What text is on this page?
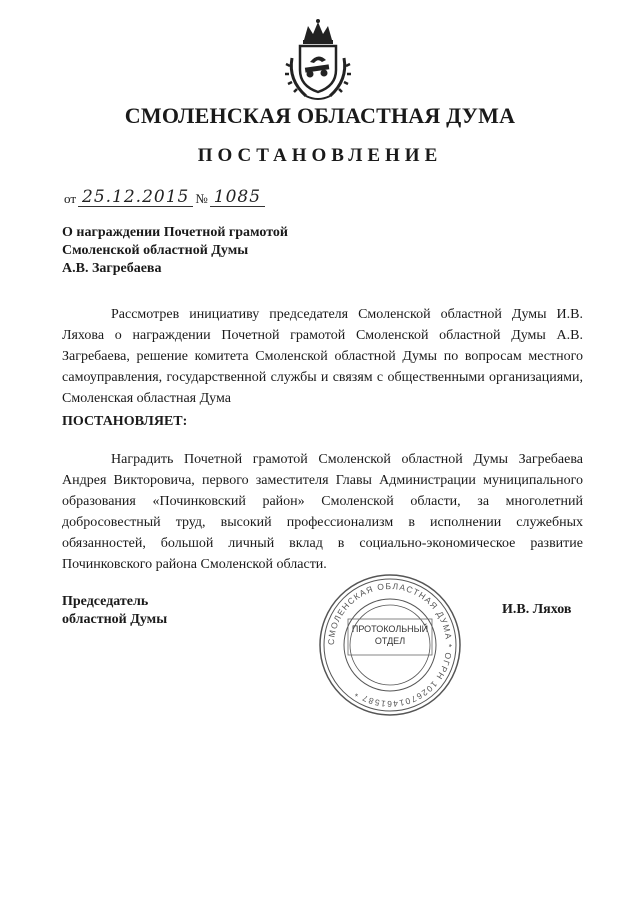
СМОЛЕНСКАЯ ОБЛАСТНАЯ ДУМА
ПОСТАНОВЛЕНИЕ
от 25.12.2015 № 1085
О награждении Почетной грамотой
Смоленской областной Думы
А.В. Загребаева
Рассмотрев инициативу председателя Смоленской областной Думы И.В. Ляхова о награждении Почетной грамотой Смоленской областной Думы А.В. Загребаева, решение комитета Смоленской областной Думы по вопросам местного самоуправления, государственной службы и связям с общественными организациями, Смоленская областная Дума
ПОСТАНОВЛЯЕТ:
Наградить Почетной грамотой Смоленской областной Думы Загребаева Андрея Викторовича, первого заместителя Главы Администрации муниципального образования «Починковский район» Смоленской области, за многолетний добросовестный труд, высокий профессионализм в исполнении служебных обязанностей, большой личный вклад в социально-экономическое развитие Починковского района Смоленской области.
Председатель
областной Думы
СМОЛЕНСКАЯ ОБЛАСТНАЯ ДУМА * ОГРН 1026701461587 *
ПРОТОКОЛЬНЫЙ
ОТДЕЛ
И.В. Ляхов
